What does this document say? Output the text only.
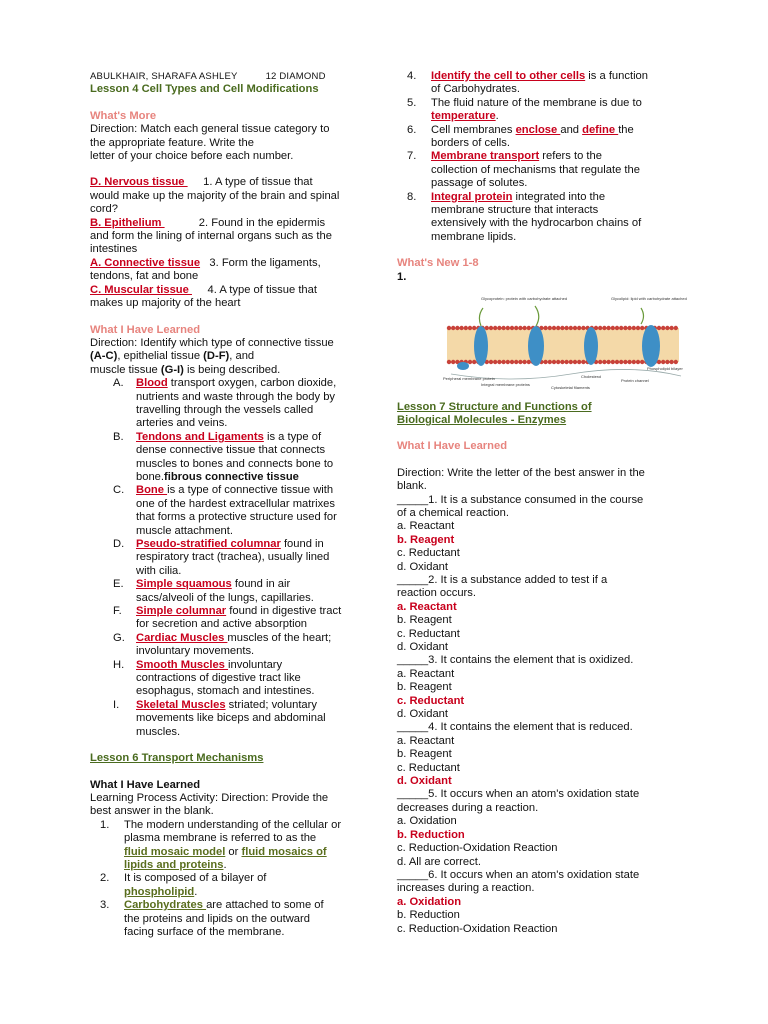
ABULKHAIR, SHARAFA ASHLEY	12 DIAMOND

Lesson 4 Cell Types and Cell Modifications

What's More

Direction: Match each general tissue category to

the appropriate feature. Write the

letter of your choice before each number.

D. Nervous tissue      1. A type of tissue that

would make up the majority of the brain and spinal

cord?

B. Epithelium	2. Found in the epidermis

and form the lining of internal organs such as the

intestines

A. Connective tissue 3. Form the ligaments,

tendons, fat and bone

C. Muscular tissue      4. A type of tissue that

makes up majority of the heart

What I Have Learned

Direction: Identify which type of connective tissue
(A-C), epithelial tissue (D-F), and

muscle tissue (G-I) is being described.

A.	Blood transport oxygen, carbon dioxide,
nutrients and waste through the body by
travelling through the vessels called
arteries and veins.
B.	Tendons and Ligaments is a type of
dense connective tissue that connects
muscles to bones and connects bone to
bone.fibrous connective tissue
C.	Bone is a type of connective tissue with
one of the hardest extracellular matrixes
that forms a protective structure used for
muscle attachment.
D.	Pseudo-stratified columnar found in
respiratory tract (trachea), usually lined
with cilia.
E.	Simple squamous found in air
sacs/alveoli of the lungs, capillaries.
F.	Simple columnar found in digestive tract
for secretion and active absorption
G. Cardiac Muscles muscles of the heart;
involuntary movements.
H.	Smooth Muscles involuntary
contractions of digestive tract like
esophagus, stomach and intestines.
I.	Skeletal Muscles striated; voluntary
movements like biceps and abdominal
muscles.

Lesson 6 Transport Mechanisms

What I Have Learned

Learning Process Activity: Direction: Provide the

best answer in the blank.

1.	The modern understanding of the cellular or
plasma membrane is referred to as the
fluid mosaic model or fluid mosaics of
lipids and proteins.
2.	It is composed of a bilayer of
phospholipid.
3.	Carbohydrates are attached to some of
the proteins and lipids on the outward
facing surface of the membrane.
4.	Identify the cell to other cells is a function
of Carbohydrates.
5.	The fluid nature of the membrane is due to
temperature.
6.	Cell membranes enclose and define the
borders of cells.
7.	Membrane transport refers to the
collection of mechanisms that regulate the
passage of solutes.
8.	Integral protein integrated into the
membrane structure that interacts
extensively with the hydrocarbon chains of
membrane lipids.

What's New 1-8

1.

Glycoprotein: protein with carbohydrate attached	Glycolipid: lipid with carbohydrate attached
Phospholipid bilayer
Peripheral membrane protein
Integral membrane proteins
Cholesterol
Protein channel
Cytoskeletal filaments

Lesson 7 Structure and Functions of

Biological Molecules - Enzymes

What I Have Learned

Direction: Write the letter of the best answer in the

blank.

_____1. It is a substance consumed in the course

of a chemical reaction.

a. Reactant

b. Reagent

c. Reductant

d. Oxidant

_____2. It is a substance added to test if a

reaction occurs.

a. Reactant

b. Reagent

c. Reductant

d. Oxidant

_____3. It contains the element that is oxidized.

a. Reactant

b. Reagent

c. Reductant

d. Oxidant

_____4. It contains the element that is reduced.

a. Reactant

b. Reagent

c. Reductant

d. Oxidant

_____5. It occurs when an atom's oxidation state

decreases during a reaction.

a. Oxidation

b. Reduction

c. Reduction-Oxidation Reaction

d. All are correct.

_____6. It occurs when an atom's oxidation state

increases during a reaction.

a. Oxidation

b. Reduction

c. Reduction-Oxidation Reaction
